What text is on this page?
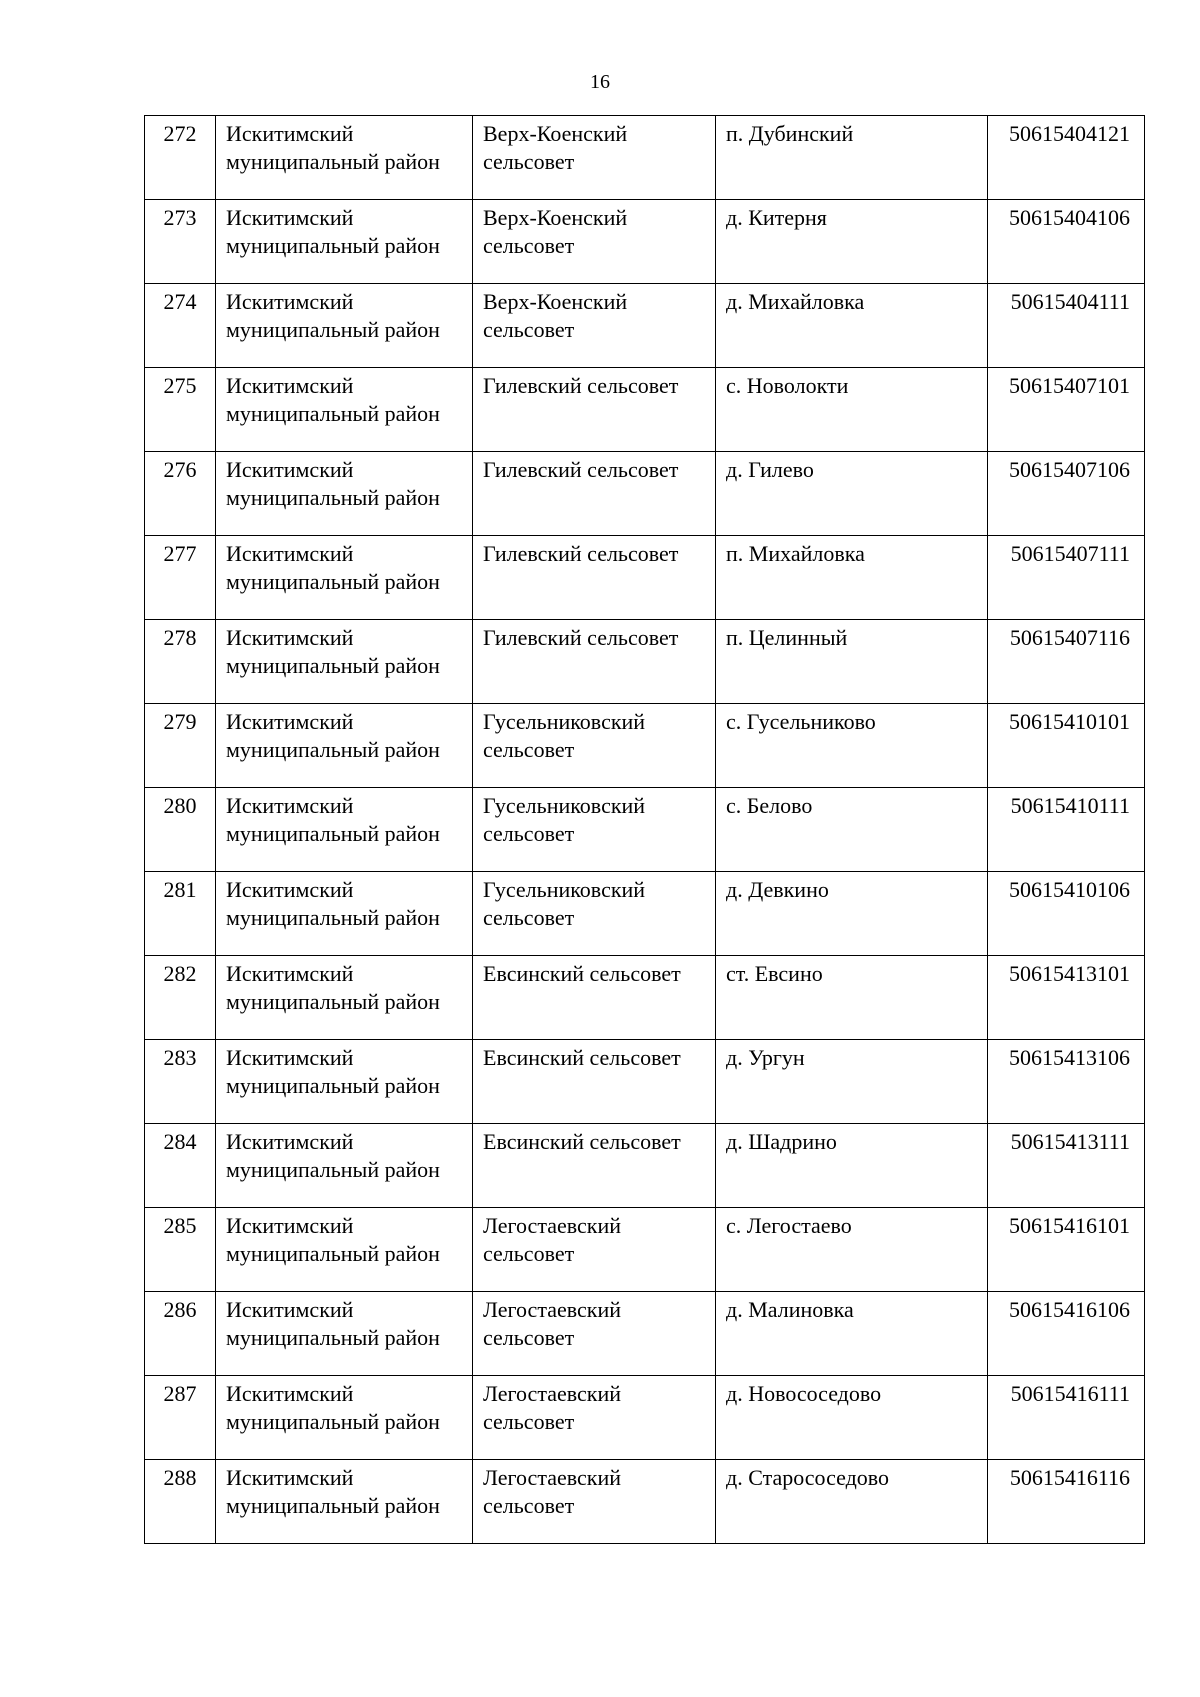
16
272	Искитимский муниципальный район	Верх-Коенский сельсовет	п. Дубинский	50615404121
273	Искитимский муниципальный район	Верх-Коенский сельсовет	д. Китерня	50615404106
274	Искитимский муниципальный район	Верх-Коенский сельсовет	д. Михайловка	50615404111
275	Искитимский муниципальный район	Гилевский сельсовет	с. Новолокти	50615407101
276	Искитимский муниципальный район	Гилевский сельсовет	д. Гилево	50615407106
277	Искитимский муниципальный район	Гилевский сельсовет	п. Михайловка	50615407111
278	Искитимский муниципальный район	Гилевский сельсовет	п. Целинный	50615407116
279	Искитимский муниципальный район	Гусельниковский сельсовет	с. Гусельниково	50615410101
280	Искитимский муниципальный район	Гусельниковский сельсовет	с. Белово	50615410111
281	Искитимский муниципальный район	Гусельниковский сельсовет	д. Девкино	50615410106
282	Искитимский муниципальный район	Евсинский сельсовет	ст. Евсино	50615413101
283	Искитимский муниципальный район	Евсинский сельсовет	д. Ургун	50615413106
284	Искитимский муниципальный район	Евсинский сельсовет	д. Шадрино	50615413111
285	Искитимский муниципальный район	Легостаевский сельсовет	с. Легостаево	50615416101
286	Искитимский муниципальный район	Легостаевский сельсовет	д. Малиновка	50615416106
287	Искитимский муниципальный район	Легостаевский сельсовет	д. Новососедово	50615416111
288	Искитимский муниципальный район	Легостаевский сельсовет	д. Старососедово	50615416116
